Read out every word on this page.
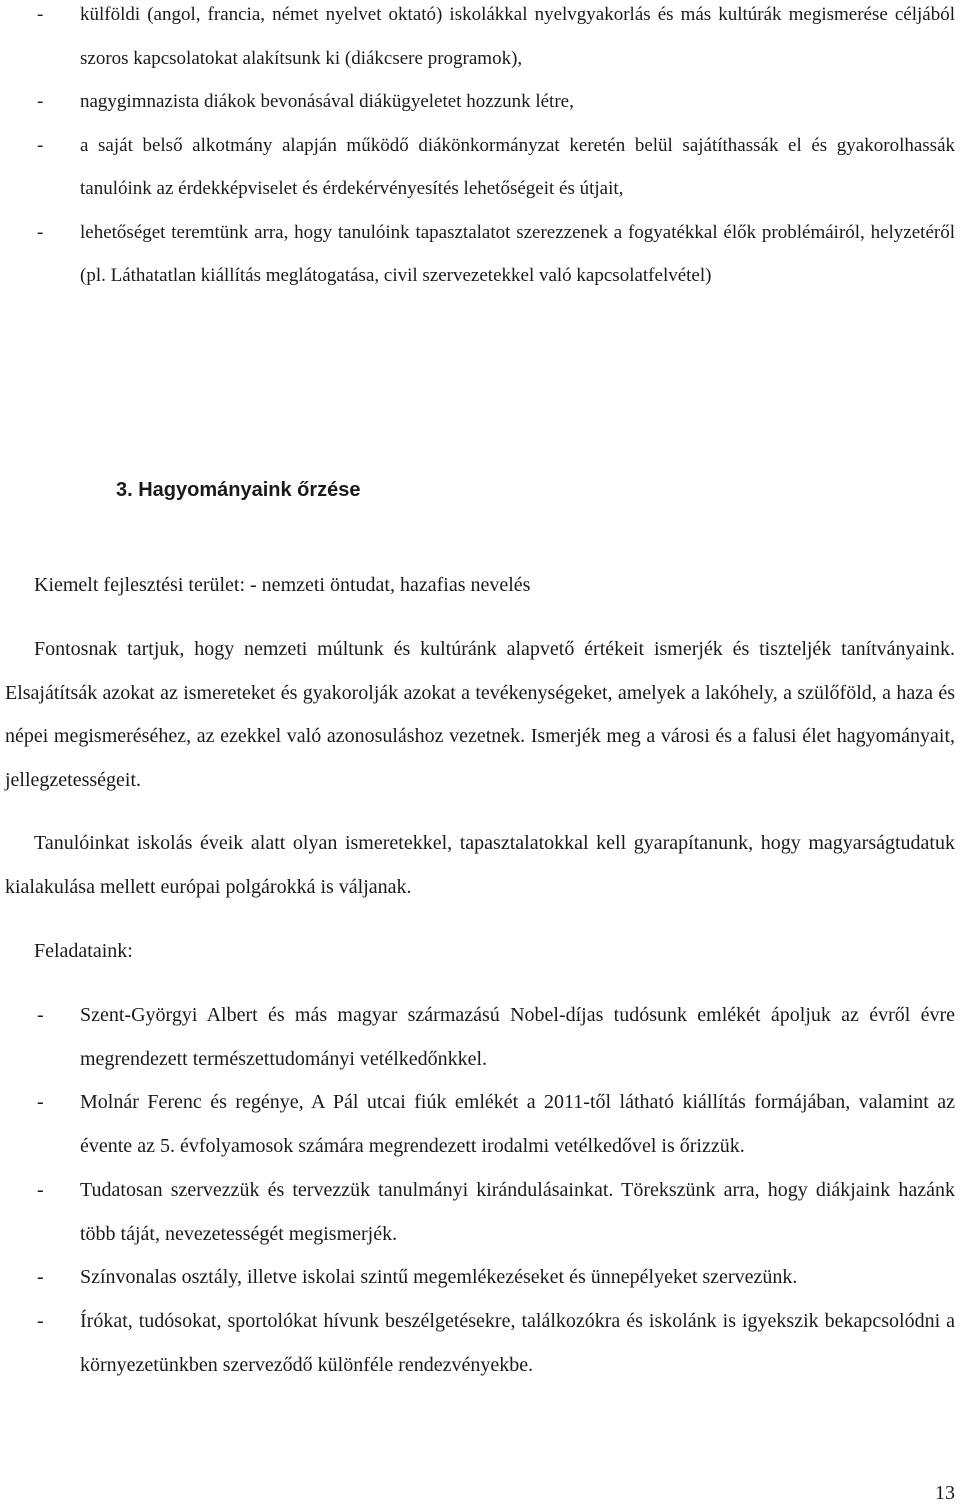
- külföldi (angol, francia, német nyelvet oktató) iskolákkal nyelvgyakorlás és más kultúrák megismerése céljából szoros kapcsolatokat alakítsunk ki (diákcsere programok),
- nagygimnazista diákok bevonásával diákügyeletet hozzunk létre,
- a saját belső alkotmány alapján működő diákönkormányzat keretén belül sajátíthassák el és gyakorolhassák tanulóink az érdekképviselet és érdekérvényesítés lehetőségeit és útjait,
- lehetőséget teremtünk arra, hogy tanulóink tapasztalatot szerezzenek a fogyatékkal élők problémáiról, helyzetéről (pl. Láthatatlan kiállítás meglátogatása, civil szervezetekkel való kapcsolatfelvétel)
3. Hagyományaink őrzése

Kiemelt fejlesztési terület: - nemzeti öntudat, hazafias nevelés

Fontosnak tartjuk, hogy nemzeti múltunk és kultúránk alapvető értékeit ismerjék és tiszteljék tanítványaink. Elsajátítsák azokat az ismereteket és gyakorolják azokat a tevékenységeket, amelyek a lakóhely, a szülőföld, a haza és népei megismeréséhez, az ezekkel való azonosuláshoz vezetnek. Ismerjék meg a városi és a falusi élet hagyományait, jellegzetességeit.

Tanulóinkat iskolás éveik alatt olyan ismeretekkel, tapasztalatokkal kell gyarapítanunk, hogy magyarságtudatuk kialakulása mellett európai polgárokká is váljanak.

Feladataink:

- Szent-Györgyi Albert és más magyar származású Nobel-díjas tudósunk emlékét ápoljuk az évről évre megrendezett természettudományi vetélkedőnkkel.
- Molnár Ferenc és regénye, A Pál utcai fiúk emlékét a 2011-től látható kiállítás formájában, valamint az évente az 5. évfolyamosok számára megrendezett irodalmi vetélkedővel is őrizzük.
- Tudatosan szervezzük és tervezzük tanulmányi kirándulásainkat. Törekszünk arra, hogy diákjaink hazánk több táját, nevezetességét megismerjék.
- Színvonalas osztály, illetve iskolai szintű megemlékezéseket és ünnepélyeket szervezünk.
- Írókat, tudósokat, sportolókat hívunk beszélgetésekre, találkozókra és iskolánk is igyekszik bekapcsolódni a környezetünkben szerveződő különféle rendezvényekbe.
13
